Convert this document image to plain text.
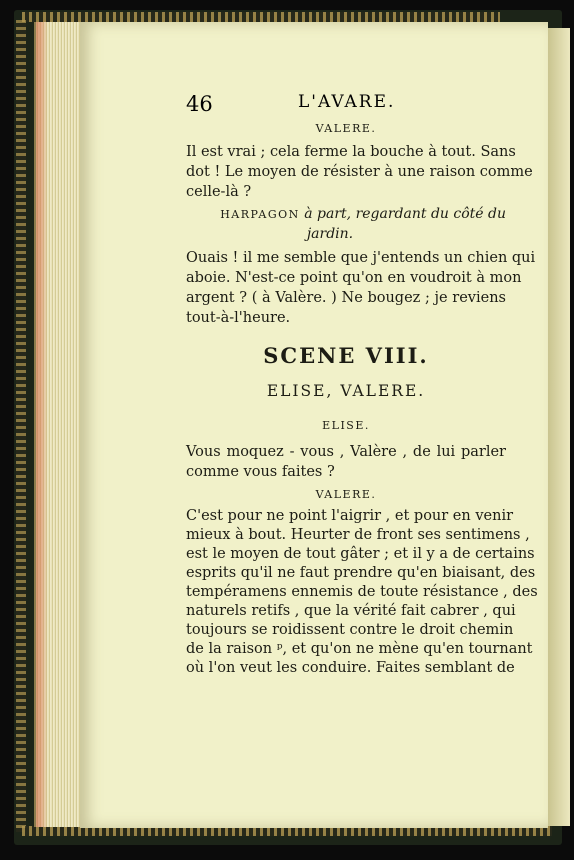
46	L'AVARE.
VALERE.
Il est vrai ; cela ferme la bouche à tout. Sans
dot ! Le moyen de résister à une raison comme
celle-là ?
HARPAGON à part, regardant du côté du
jardin.
Ouais ! il me semble que j'entends un chien qui
aboie. N'est-ce point qu'on en voudroit à mon
argent ? ( à Valère. ) Ne bougez ; je reviens
tout-à-l'heure.
SCENE VIII.
ELISE, VALERE.
ELISE.
Vous moquez - vous , Valère , de lui parler
comme vous faites ?
VALERE.
C'est pour ne point l'aigrir , et pour en venir
mieux à bout. Heurter de front ses sentimens ,
est le moyen de tout gâter ; et il y a de certains
esprits qu'il ne faut prendre qu'en biaisant, des
tempéramens ennemis de toute résistance , des
naturels retifs , que la vérité fait cabrer , qui
toujours se roidissent contre le droit chemin
de la raison ᵖ, et qu'on ne mène qu'en tournant
où l'on veut les conduire. Faites semblant de
